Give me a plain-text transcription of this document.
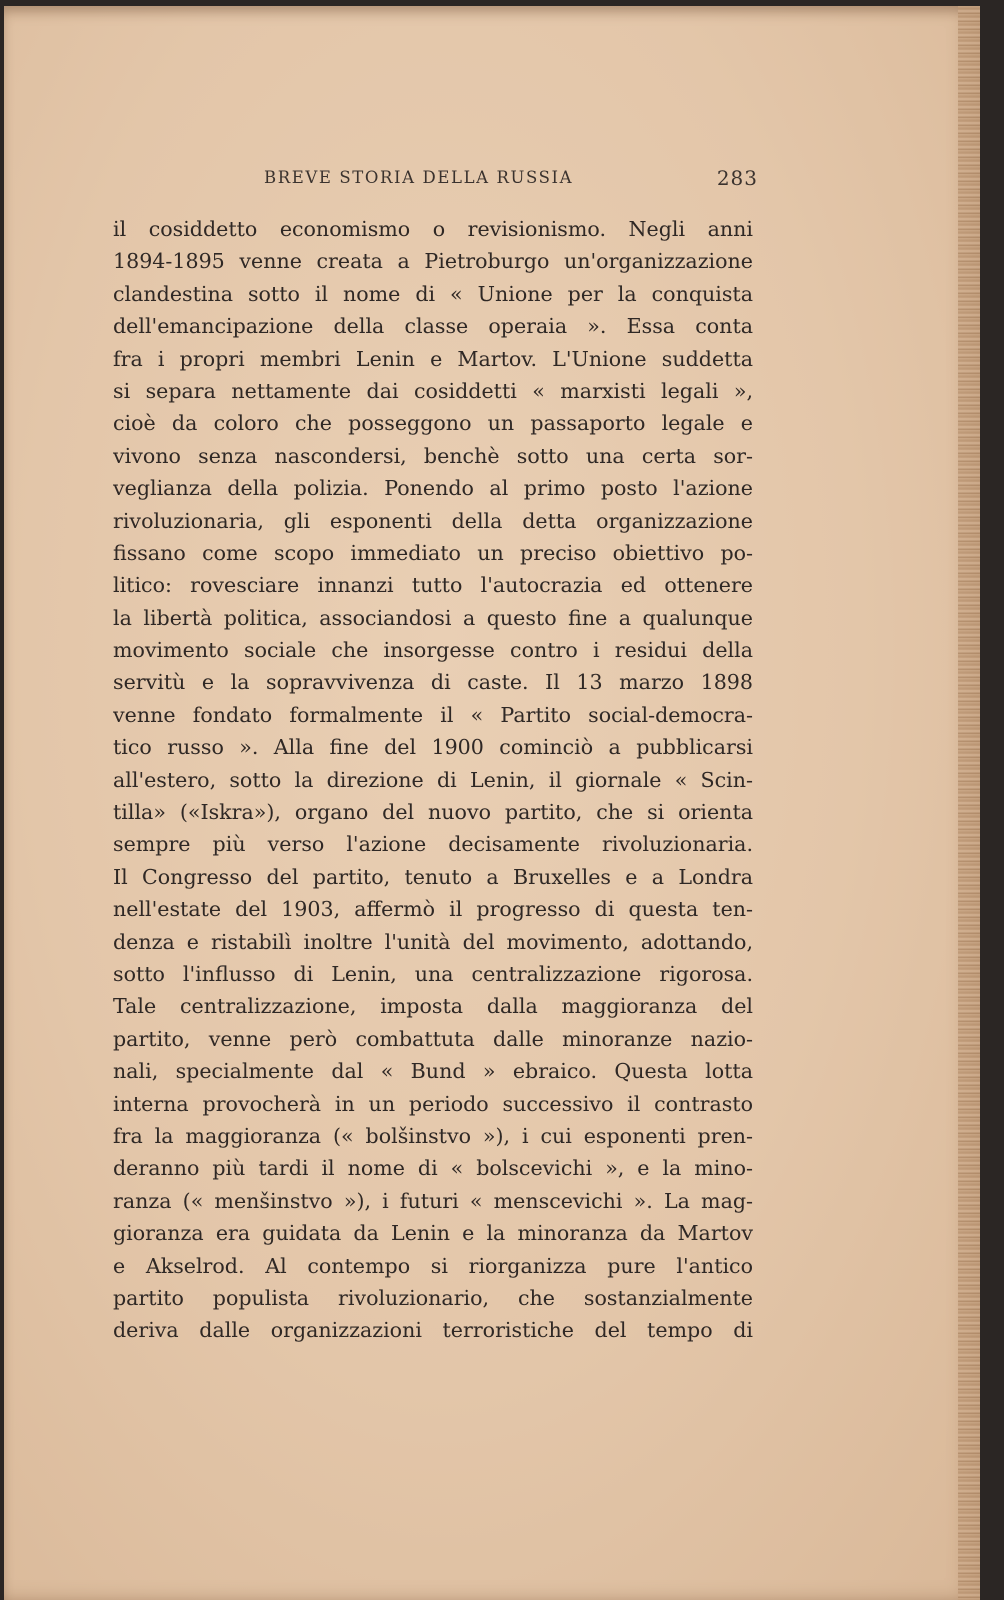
BREVE STORIA DELLA RUSSIA	283
il cosiddetto economismo o revisionismo. Negli anni
1894-1895 venne creata a Pietroburgo un'organizzazione
clandestina sotto il nome di « Unione per la conquista
dell'emancipazione della classe operaia ». Essa conta
fra i propri membri Lenin e Martov. L'Unione suddetta
si separa nettamente dai cosiddetti « marxisti legali »,
cioè da coloro che posseggono un passaporto legale e
vivono senza nascondersi, benchè sotto una certa sor-
veglianza della polizia. Ponendo al primo posto l'azione
rivoluzionaria, gli esponenti della detta organizzazione
fissano come scopo immediato un preciso obiettivo po-
litico: rovesciare innanzi tutto l'autocrazia ed ottenere
la libertà politica, associandosi a questo fine a qualunque
movimento sociale che insorgesse contro i residui della
servitù e la sopravvivenza di caste. Il 13 marzo 1898
venne fondato formalmente il « Partito social-democra-
tico russo ». Alla fine del 1900 cominciò a pubblicarsi
all'estero, sotto la direzione di Lenin, il giornale « Scin-
tilla» («Iskra»), organo del nuovo partito, che si orienta
sempre più verso l'azione decisamente rivoluzionaria.
Il Congresso del partito, tenuto a Bruxelles e a Londra
nell'estate del 1903, affermò il progresso di questa ten-
denza e ristabilì inoltre l'unità del movimento, adottando,
sotto l'influsso di Lenin, una centralizzazione rigorosa.
Tale centralizzazione, imposta dalla maggioranza del
partito, venne però combattuta dalle minoranze nazio-
nali, specialmente dal « Bund » ebraico. Questa lotta
interna provocherà in un periodo successivo il contrasto
fra la maggioranza (« bolšinstvo »), i cui esponenti pren-
deranno più tardi il nome di « bolscevichi », e la mino-
ranza (« menšinstvo »), i futuri « menscevichi ». La mag-
gioranza era guidata da Lenin e la minoranza da Martov
e Akselrod. Al contempo si riorganizza pure l'antico
partito populista rivoluzionario, che sostanzialmente
deriva dalle organizzazioni terroristiche del tempo di
